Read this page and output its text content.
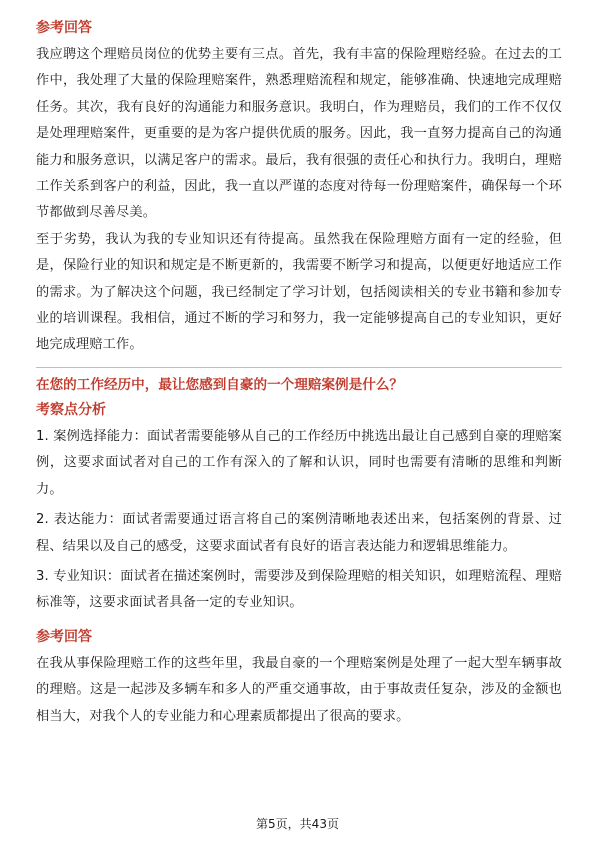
参考回答

我应聘这个理赔员岗位的优势主要有三点。首先，我有丰富的保险理赔经验。在过去的工作中，我处理了大量的保险理赔案件，熟悉理赔流程和规定，能够准确、快速地完成理赔任务。其次，我有良好的沟通能力和服务意识。我明白，作为理赔员，我们的工作不仅仅是处理理赔案件，更重要的是为客户提供优质的服务。因此，我一直努力提高自己的沟通能力和服务意识，以满足客户的需求。最后，我有很强的责任心和执行力。我明白，理赔工作关系到客户的利益，因此，我一直以严谨的态度对待每一份理赔案件，确保每一个环节都做到尽善尽美。

至于劣势，我认为我的专业知识还有待提高。虽然我在保险理赔方面有一定的经验，但是，保险行业的知识和规定是不断更新的，我需要不断学习和提高，以便更好地适应工作的需求。为了解决这个问题，我已经制定了学习计划，包括阅读相关的专业书籍和参加专业的培训课程。我相信，通过不断的学习和努力，我一定能够提高自己的专业知识，更好地完成理赔工作。

在您的工作经历中，最让您感到自豪的一个理赔案例是什么？
考察点分析

1. 案例选择能力：面试者需要能够从自己的工作经历中挑选出最让自己感到自豪的理赔案例，这要求面试者对自己的工作有深入的了解和认识，同时也需要有清晰的思维和判断力。

2. 表达能力：面试者需要通过语言将自己的案例清晰地表述出来，包括案例的背景、过程、结果以及自己的感受，这要求面试者有良好的语言表达能力和逻辑思维能力。

3. 专业知识：面试者在描述案例时，需要涉及到保险理赔的相关知识，如理赔流程、理赔标准等，这要求面试者具备一定的专业知识。

参考回答

在我从事保险理赔工作的这些年里，我最自豪的一个理赔案例是处理了一起大型车辆事故的理赔。这是一起涉及多辆车和多人的严重交通事故，由于事故责任复杂，涉及的金额也相当大，对我个人的专业能力和心理素质都提出了很高的要求。

第5页，共43页
